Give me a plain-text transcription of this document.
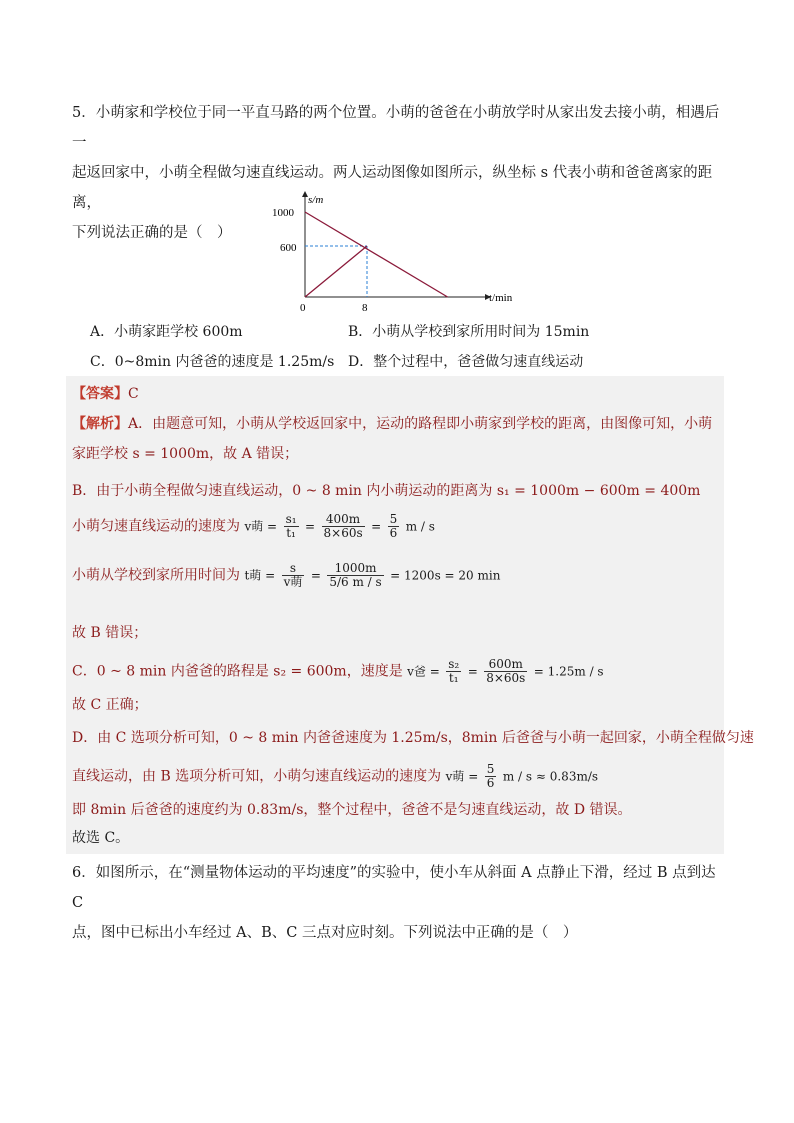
5．小萌家和学校位于同一平直马路的两个位置。小萌的爸爸在小萌放学时从家出发去接小萌，相遇后一

起返回家中，小萌全程做匀速直线运动。两人运动图像如图所示，纵坐标 s 代表小萌和爸爸离家的距离，

下列说法正确的是（　）

s/m
t/min
1000
600
0	8
A．小萌家距学校 600m	B．小萌从学校到家所用时间为 15min
C．0~8min 内爸爸的速度是 1.25m/s D．整个过程中，爸爸做匀速直线运动
【答案】C
【解析】A．由题意可知，小萌从学校返回家中，运动的路程即小萌家到学校的距离，由图像可知，小萌
家距学校 s = 1000m，故 A 错误；
B．由于小萌全程做匀速直线运动，0 ~ 8 min 内小萌运动的距离为 s₁ = 1000m − 600m = 400m
小萌匀速直线运动的速度为 v萌 = $\frac{\text{s₁}}{\text{t₁}} = \frac{400m}{8\times 60s} = \frac{5}{6}$ m / s
小萌从学校到家所用时间为 t萌 = $\frac{s}{\text{v萌}} = \frac{1000m}{5/6 m / s} = 1200s = 20$ min
故 B 错误；
C．0 ~ 8 min 内爸爸的路程是 s₂ = 600m，速度是 v爸 = $\frac{\text{s₂}}{\text{t₁}} = \frac{600m}{8\times 60s} = 1.25m / s$
故 C 正确；
D．由 C 选项分析可知，0 ~ 8 min 内爸爸速度为 1.25m/s，8min 后爸爸与小萌一起回家，小萌全程做匀速
直线运动，由 B 选项分析可知，小萌匀速直线运动的速度为 v萌 = $\frac{5}{6}$ m / s ≈ 0.83m/s
即 8min 后爸爸的速度约为 0.83m/s，整个过程中，爸爸不是匀速直线运动，故 D 错误。
故选 C。

6．如图所示，在“测量物体运动的平均速度”的实验中，使小车从斜面 A 点静止下滑，经过 B 点到达 C

点，图中已标出小车经过 A、B、C 三点对应时刻。下列说法中正确的是（　）
